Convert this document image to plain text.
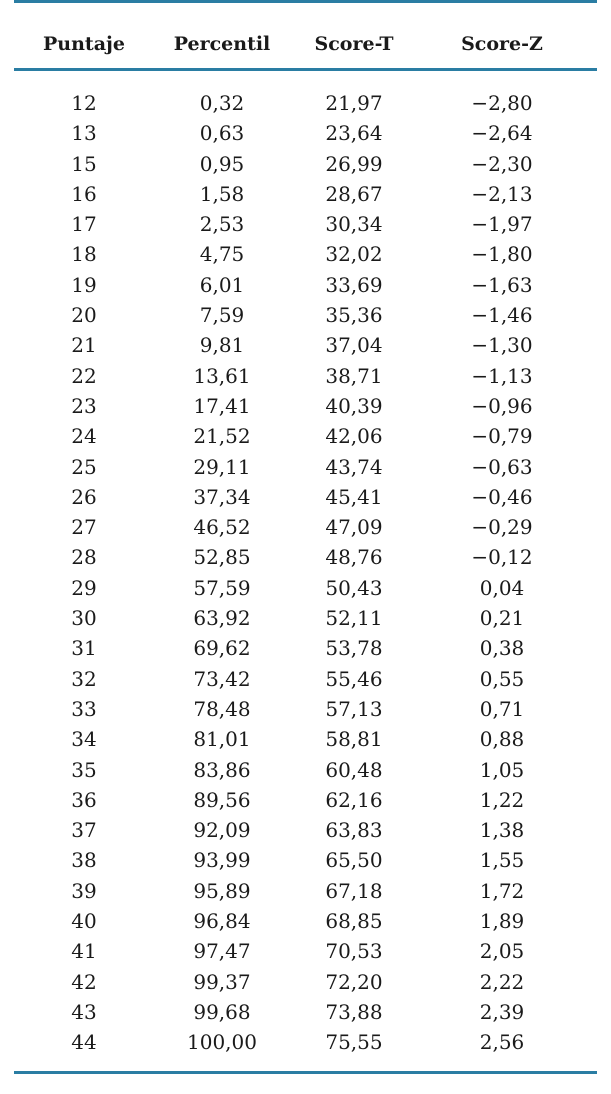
Puntaje	Percentil	Score-T	Score-Z
12	0,32	21,97	−2,80
13	0,63	23,64	−2,64
15	0,95	26,99	−2,30
16	1,58	28,67	−2,13
17	2,53	30,34	−1,97
18	4,75	32,02	−1,80
19	6,01	33,69	−1,63
20	7,59	35,36	−1,46
21	9,81	37,04	−1,30
22	13,61	38,71	−1,13
23	17,41	40,39	−0,96
24	21,52	42,06	−0,79
25	29,11	43,74	−0,63
26	37,34	45,41	−0,46
27	46,52	47,09	−0,29
28	52,85	48,76	−0,12
29	57,59	50,43	0,04
30	63,92	52,11	0,21
31	69,62	53,78	0,38
32	73,42	55,46	0,55
33	78,48	57,13	0,71
34	81,01	58,81	0,88
35	83,86	60,48	1,05
36	89,56	62,16	1,22
37	92,09	63,83	1,38
38	93,99	65,50	1,55
39	95,89	67,18	1,72
40	96,84	68,85	1,89
41	97,47	70,53	2,05
42	99,37	72,20	2,22
43	99,68	73,88	2,39
44	100,00	75,55	2,56
